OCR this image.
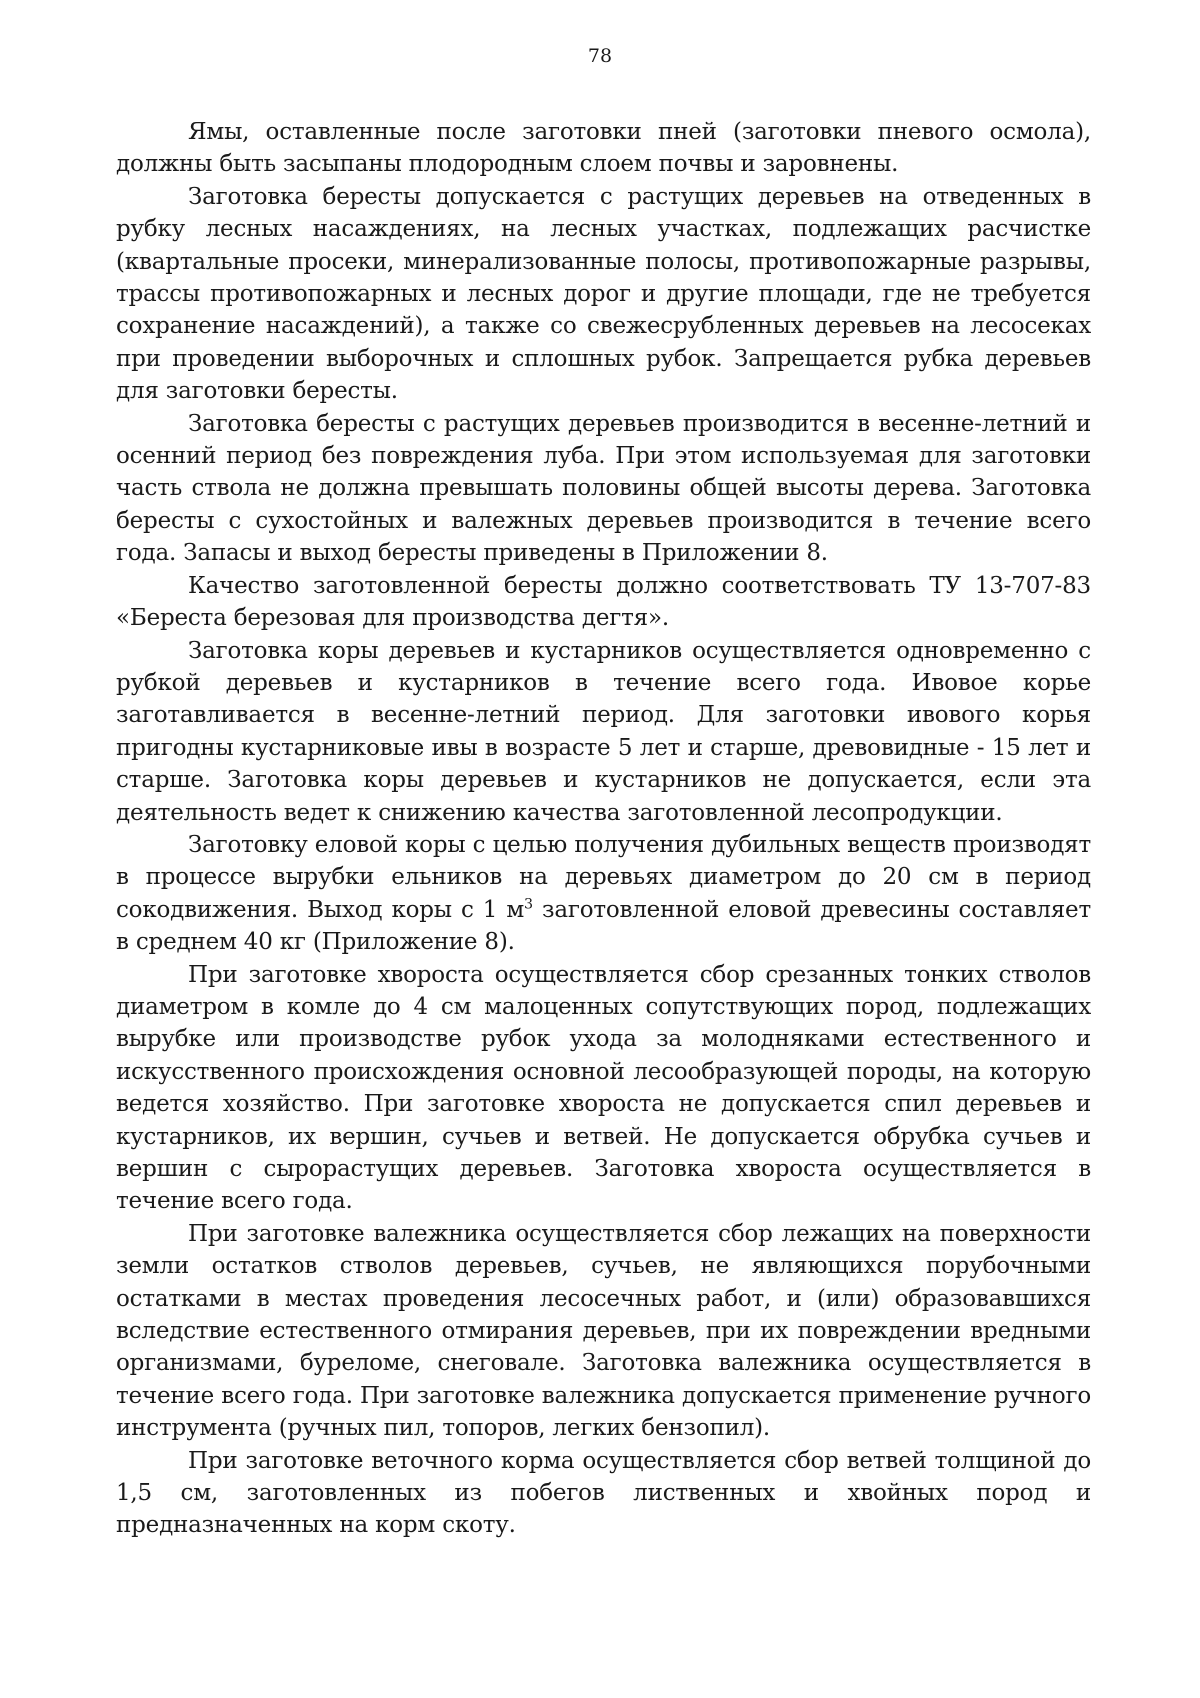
78

Ямы, оставленные после заготовки пней (заготовки пневого осмола), должны быть засыпаны плодородным слоем почвы и заровнены.

Заготовка бересты допускается с растущих деревьев на отведенных в рубку лесных насаждениях, на лесных участках, подлежащих расчистке (квартальные просеки, минерализованные полосы, противопожарные разрывы, трассы противопожарных и лесных дорог и другие площади, где не требуется сохранение насаждений), а также со свежесрубленных деревьев на лесосеках при проведении выборочных и сплошных рубок. Запрещается рубка деревьев для заготовки бересты.

Заготовка бересты с растущих деревьев производится в весенне-летний и осенний период без повреждения луба. При этом используемая для заготовки часть ствола не должна превышать половины общей высоты дерева. Заготовка бересты с сухостойных и валежных деревьев производится в течение всего года. Запасы и выход бересты приведены в Приложении 8.

Качество заготовленной бересты должно соответствовать ТУ 13-707-83 «Береста березовая для производства дегтя».

Заготовка коры деревьев и кустарников осуществляется одновременно с рубкой деревьев и кустарников в течение всего года. Ивовое корье заготавливается в весенне-летний период. Для заготовки ивового корья пригодны кустарниковые ивы в возрасте 5 лет и старше, древовидные - 15 лет и старше. Заготовка коры деревьев и кустарников не допускается, если эта деятельность ведет к снижению качества заготовленной лесопродукции.

Заготовку еловой коры с целью получения дубильных веществ производят в процессе вырубки ельников на деревьях диаметром до 20 см в период сокодвижения. Выход коры с 1 $м^3$ заготовленной еловой древесины составляет в среднем 40 кг (Приложение 8).

При заготовке хвороста осуществляется сбор срезанных тонких стволов диаметром в комле до 4 см малоценных сопутствующих пород, подлежащих вырубке или производстве рубок ухода за молодняками естественного и искусственного происхождения основной лесообразующей породы, на которую ведется хозяйство. При заготовке хвороста не допускается спил деревьев и кустарников, их вершин, сучьев и ветвей. Не допускается обрубка сучьев и вершин с сырорастущих деревьев. Заготовка хвороста осуществляется в течение всего года.

При заготовке валежника осуществляется сбор лежащих на поверхности земли остатков стволов деревьев, сучьев, не являющихся порубочными остатками в местах проведения лесосечных работ, и (или) образовавшихся вследствие естественного отмирания деревьев, при их повреждении вредными организмами, буреломе, снеговале. Заготовка валежника осуществляется в течение всего года. При заготовке валежника допускается применение ручного инструмента (ручных пил, топоров, легких бензопил).

При заготовке веточного корма осуществляется сбор ветвей толщиной до 1,5 см, заготовленных из побегов лиственных и хвойных пород и предназначенных на корм скоту.
